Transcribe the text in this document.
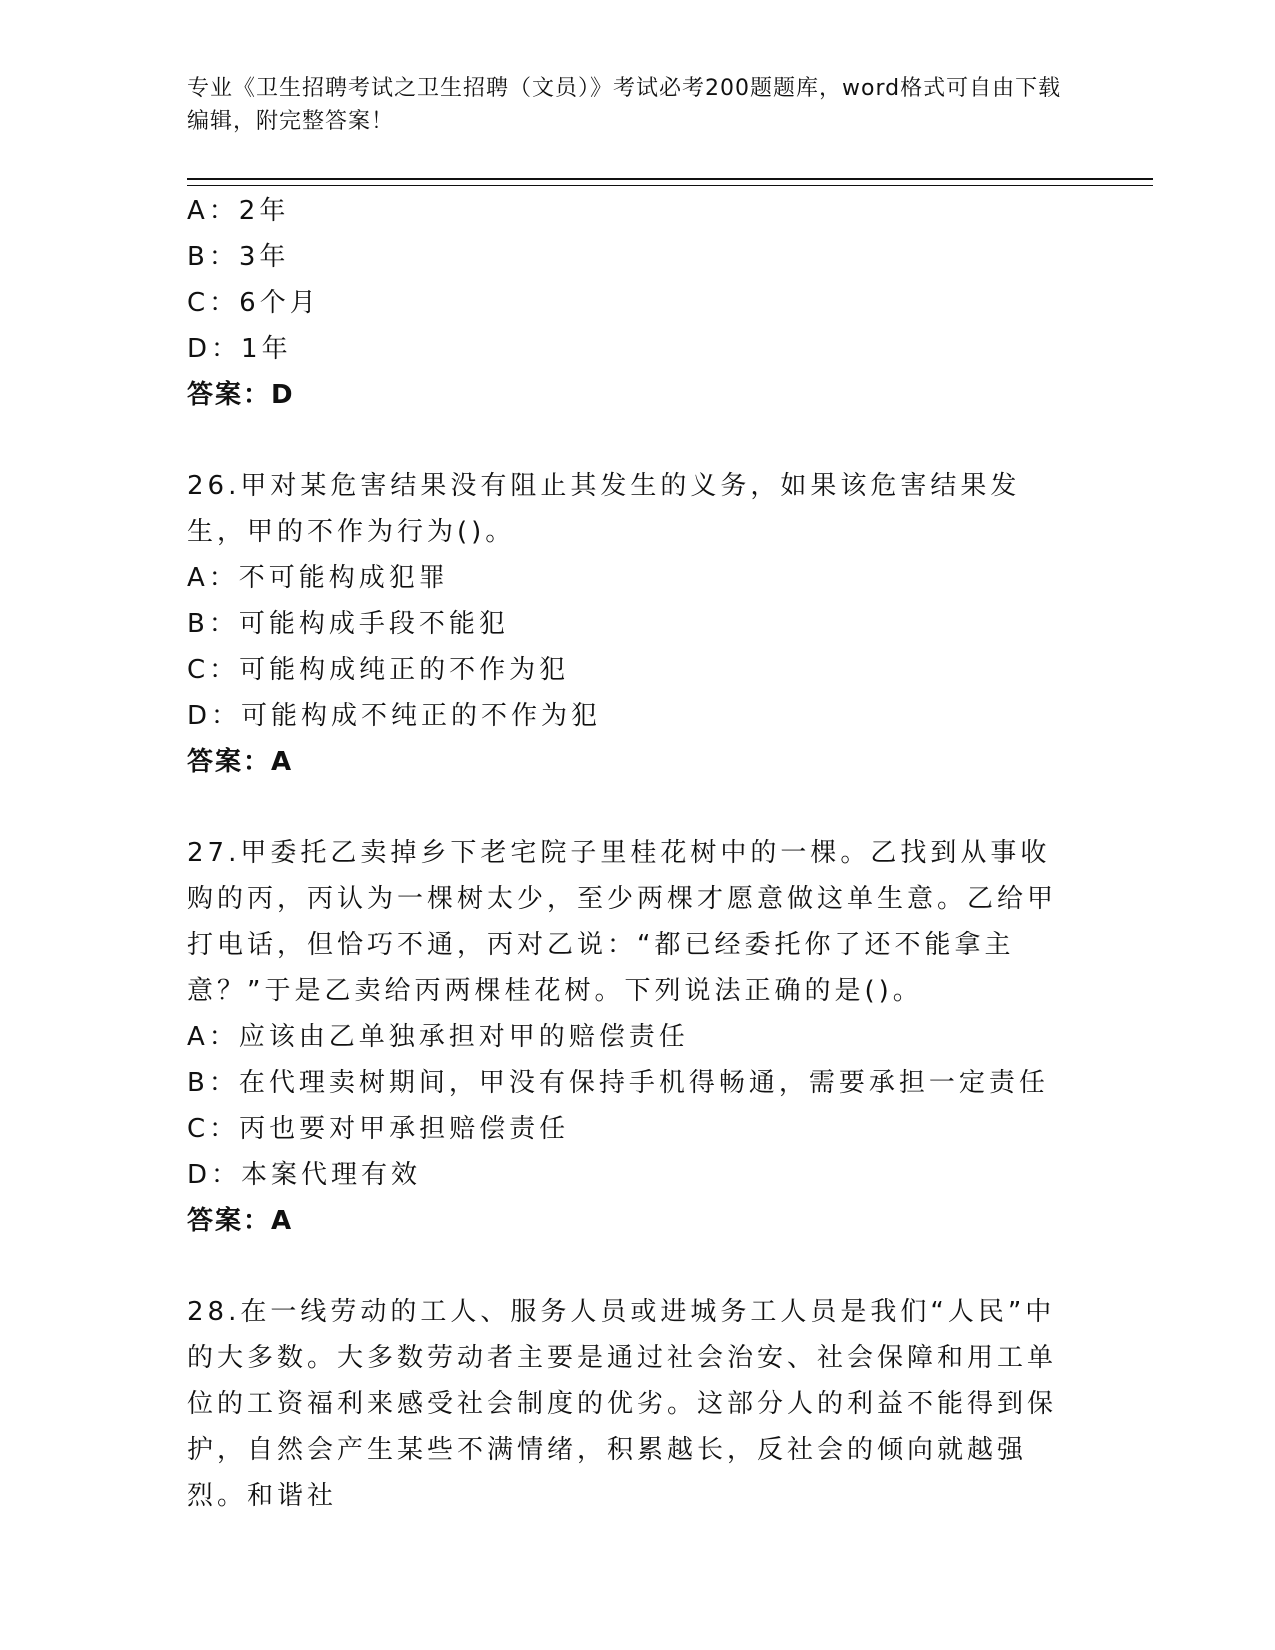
专业《卫生招聘考试之卫生招聘（文员）》考试必考200题题库，word格式可自由下载编辑，附完整答案！
A：2年
B：3年
C：6个月
D：1年
答案：D
26.甲对某危害结果没有阻止其发生的义务，如果该危害结果发生，甲的不作为行为()。
A：不可能构成犯罪
B：可能构成手段不能犯
C：可能构成纯正的不作为犯
D：可能构成不纯正的不作为犯
答案：A
27.甲委托乙卖掉乡下老宅院子里桂花树中的一棵。乙找到从事收购的丙，丙认为一棵树太少，至少两棵才愿意做这单生意。乙给甲打电话，但恰巧不通，丙对乙说：“都已经委托你了还不能拿主意？”于是乙卖给丙两棵桂花树。下列说法正确的是()。
A：应该由乙单独承担对甲的赔偿责任
B：在代理卖树期间，甲没有保持手机得畅通，需要承担一定责任
C：丙也要对甲承担赔偿责任
D：本案代理有效
答案：A
28.在一线劳动的工人、服务人员或进城务工人员是我们“人民”中的大多数。大多数劳动者主要是通过社会治安、社会保障和用工单位的工资福利来感受社会制度的优劣。这部分人的利益不能得到保护，自然会产生某些不满情绪，积累越长，反社会的倾向就越强烈。和谐社
